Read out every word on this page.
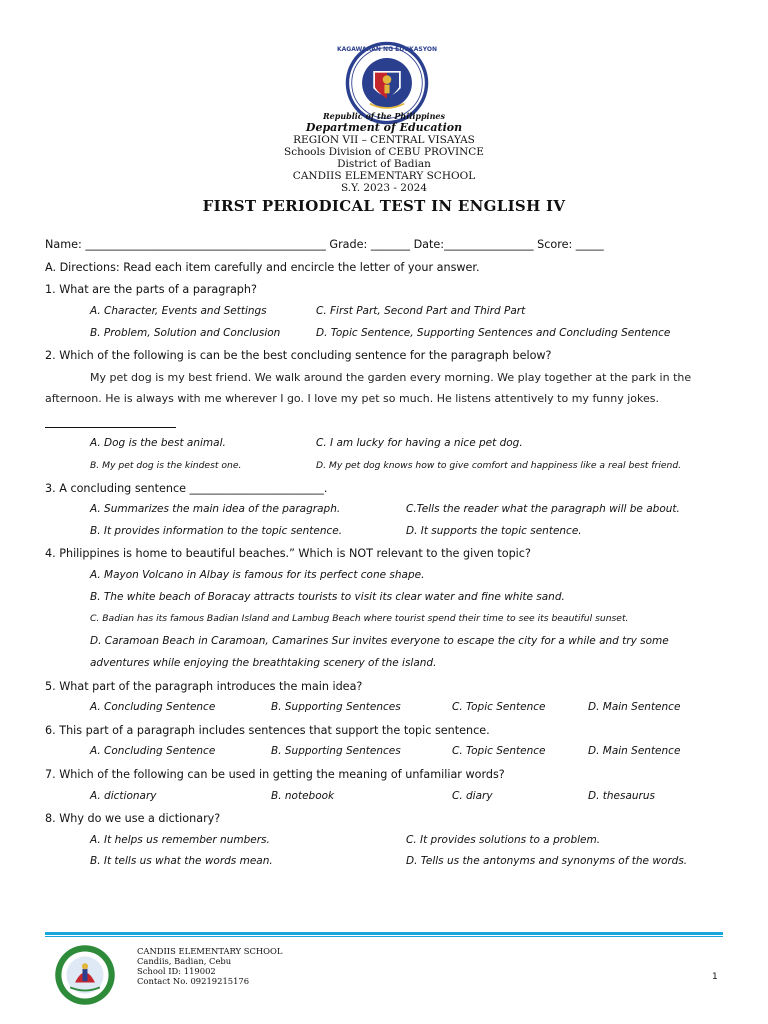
KAGAWARAN NG EDUKASYON
Republic of the Philippines
Department of Education
REGION VII – CENTRAL VISAYAS
Schools Division of CEBU PROVINCE
District of Badian
CANDIIS ELEMENTARY SCHOOL
S.Y. 2023 - 2024
FIRST PERIODICAL TEST IN ENGLISH IV
Name: ___________________________________________ Grade: _______ Date:________________ Score: _____
A. Directions: Read each item carefully and encircle the letter of your answer.
1. What are the parts of a paragraph?
A. Character, Events and Settings	C. First Part, Second Part and Third Part
B. Problem, Solution and Conclusion	D. Topic Sentence, Supporting Sentences and Concluding Sentence
2. Which of the following is can be the best concluding sentence for the paragraph below?
My pet dog is my best friend. We walk around the garden every morning. We play together at the park in the
afternoon. He is always with me wherever I go. I love my pet so much. He listens attentively to my funny jokes.
A. Dog is the best animal.	C. I am lucky for having a nice pet dog.
B. My pet dog is the kindest one.	D. My pet dog knows how to give comfort and happiness like a real best friend.
3. A concluding sentence ________________________.
A. Summarizes the main idea of the paragraph.	C.Tells the reader what the paragraph will be about.
B. It provides information to the topic sentence.	D. It supports the topic sentence.
4. Philippines is home to beautiful beaches.” Which is NOT relevant to the given topic?
A. Mayon Volcano in Albay is famous for its perfect cone shape.
B. The white beach of Boracay attracts tourists to visit its clear water and fine white sand.
C. Badian has its famous Badian Island and Lambug Beach where tourist spend their time to see its beautiful sunset.
D. Caramoan Beach in Caramoan, Camarines Sur invites everyone to escape the city for a while and try some
adventures while enjoying the breathtaking scenery of the island.
5. What part of the paragraph introduces the main idea?
A. Concluding Sentence	B. Supporting Sentences	C. Topic Sentence	D. Main Sentence
6. This part of a paragraph includes sentences that support the topic sentence.
A. Concluding Sentence	B. Supporting Sentences	C. Topic Sentence	D. Main Sentence
7. Which of the following can be used in getting the meaning of unfamiliar words?
A. dictionary	B. notebook	C. diary	D. thesaurus
8. Why do we use a dictionary?
A. It helps us remember numbers.	C. It provides solutions to a problem.
B. It tells us what the words mean.	D. Tells us the antonyms and synonyms of the words.
CANDIIS ELEMENTARY SCHOOL
Candiis, Badian, Cebu
School ID: 119002
Contact No. 09219215176	1
